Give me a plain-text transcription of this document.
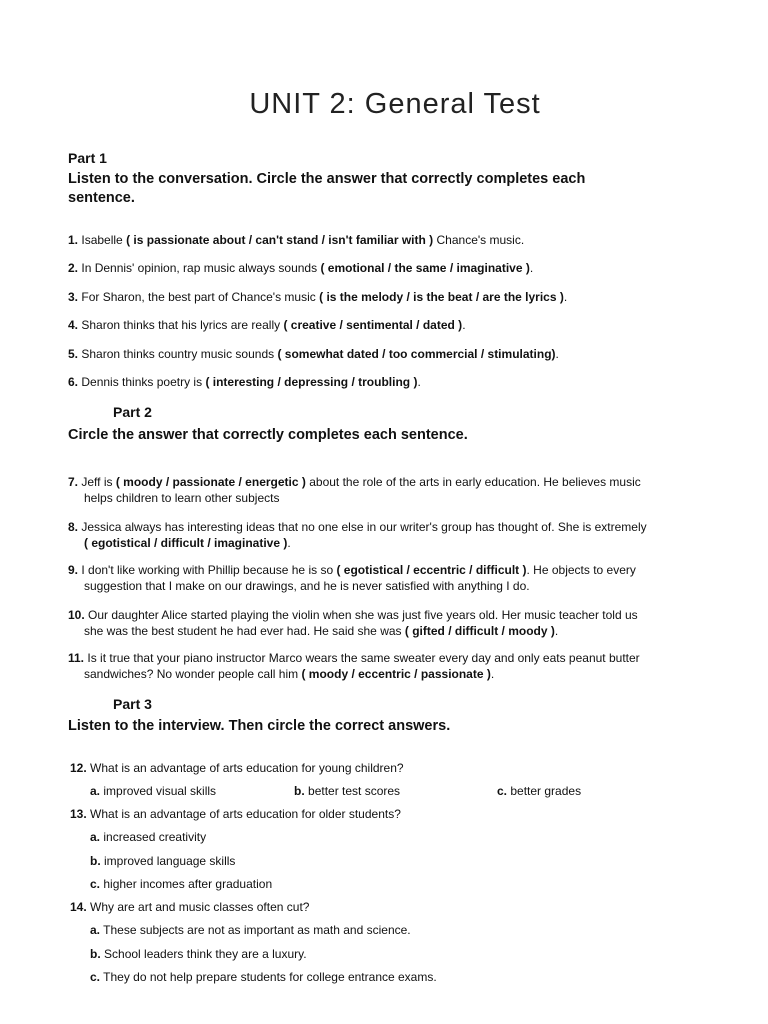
UNIT 2: General Test
Part 1
Listen to the conversation. Circle the answer that correctly completes each sentence.
1. Isabelle ( is passionate about / can't stand / isn't familiar with ) Chance's music.
2. In Dennis' opinion, rap music always sounds ( emotional / the same / imaginative ).
3. For Sharon, the best part of Chance's music ( is the melody / is the beat / are the lyrics ).
4. Sharon thinks that his lyrics are really ( creative / sentimental / dated ).
5. Sharon thinks country music sounds ( somewhat dated / too commercial / stimulating).
6. Dennis thinks poetry is ( interesting / depressing / troubling ).
Part 2
Circle the answer that correctly completes each sentence.
7. Jeff is ( moody / passionate / energetic ) about the role of the arts in early education. He believes music
helps children to learn other subjects
8. Jessica always has interesting ideas that no one else in our writer's group has thought of. She is extremely
( egotistical / difficult / imaginative ).
9. I don't like working with Phillip because he is so ( egotistical / eccentric / difficult ). He objects to every
suggestion that I make on our drawings, and he is never satisfied with anything I do.
10. Our daughter Alice started playing the violin when she was just five years old. Her music teacher told us
she was the best student he had ever had. He said she was ( gifted / difficult / moody ).
11. Is it true that your piano instructor Marco wears the same sweater every day and only eats peanut butter
sandwiches? No wonder people call him ( moody / eccentric / passionate ).
Part 3
Listen to the interview. Then circle the correct answers.
12. What is an advantage of arts education for young children?
a. improved visual skills	b. better test scores	c. better grades
13. What is an advantage of arts education for older students?
a. increased creativity
b. improved language skills
c. higher incomes after graduation
14. Why are art and music classes often cut?
a. These subjects are not as important as math and science.
b. School leaders think they are a luxury.
c. They do not help prepare students for college entrance exams.
